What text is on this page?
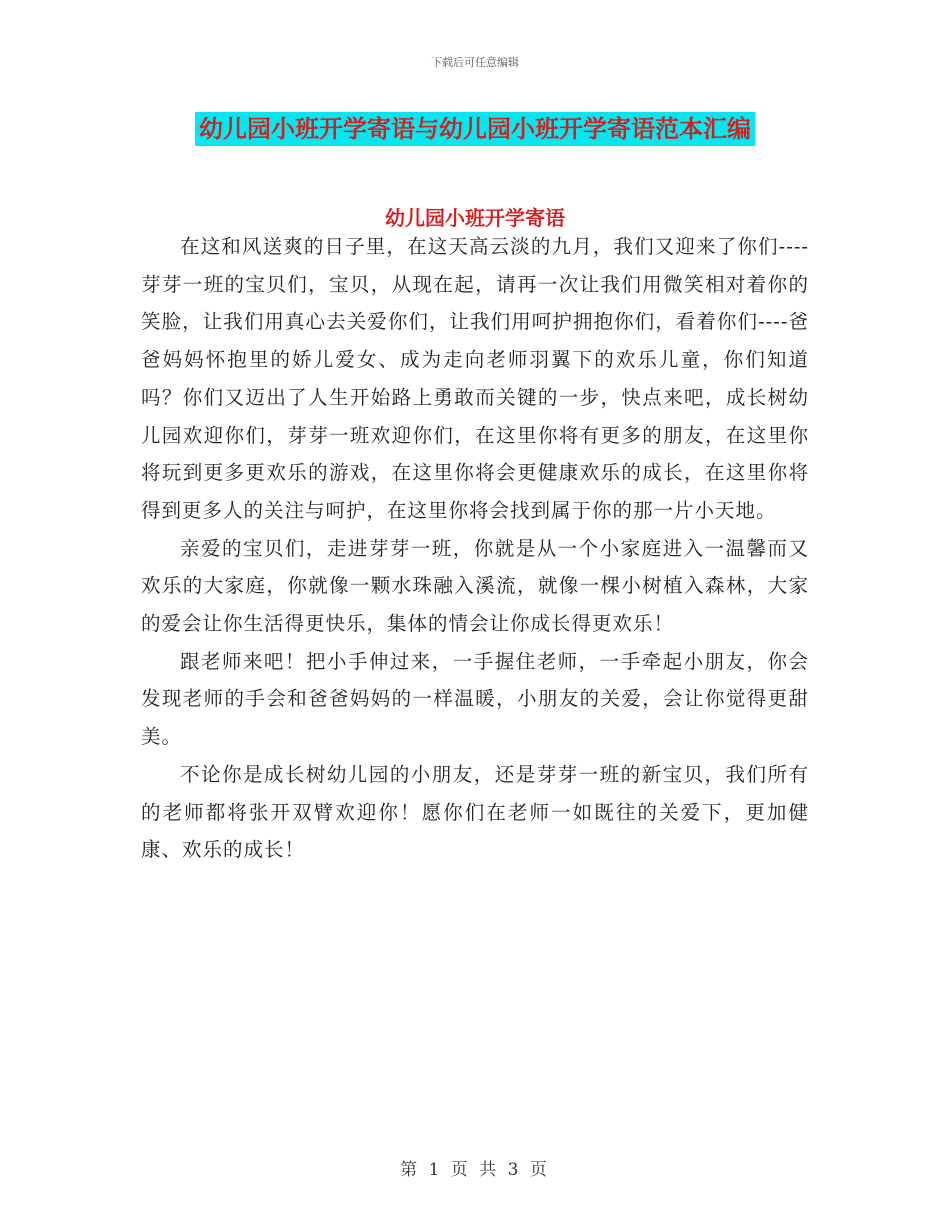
下载后可任意编辑
幼儿园小班开学寄语与幼儿园小班开学寄语范本汇编
幼儿园小班开学寄语

在这和风送爽的日子里，在这天高云淡的九月，我们又迎来了你们----芽芽一班的宝贝们，宝贝，从现在起，请再一次让我们用微笑相对着你的笑脸，让我们用真心去关爱你们，让我们用呵护拥抱你们，看着你们----爸爸妈妈怀抱里的娇儿爱女、成为走向老师羽翼下的欢乐儿童，你们知道吗？你们又迈出了人生开始路上勇敢而关键的一步，快点来吧，成长树幼儿园欢迎你们，芽芽一班欢迎你们，在这里你将有更多的朋友，在这里你将玩到更多更欢乐的游戏，在这里你将会更健康欢乐的成长，在这里你将得到更多人的关注与呵护，在这里你将会找到属于你的那一片小天地。

亲爱的宝贝们，走进芽芽一班，你就是从一个小家庭进入一温馨而又欢乐的大家庭，你就像一颗水珠融入溪流，就像一棵小树植入森林，大家的爱会让你生活得更快乐，集体的情会让你成长得更欢乐！

跟老师来吧！把小手伸过来，一手握住老师，一手牵起小朋友，你会发现老师的手会和爸爸妈妈的一样温暖，小朋友的关爱，会让你觉得更甜美。

不论你是成长树幼儿园的小朋友，还是芽芽一班的新宝贝，我们所有的老师都将张开双臂欢迎你！愿你们在老师一如既往的关爱下，更加健康、欢乐的成长！

第 1 页 共 3 页
